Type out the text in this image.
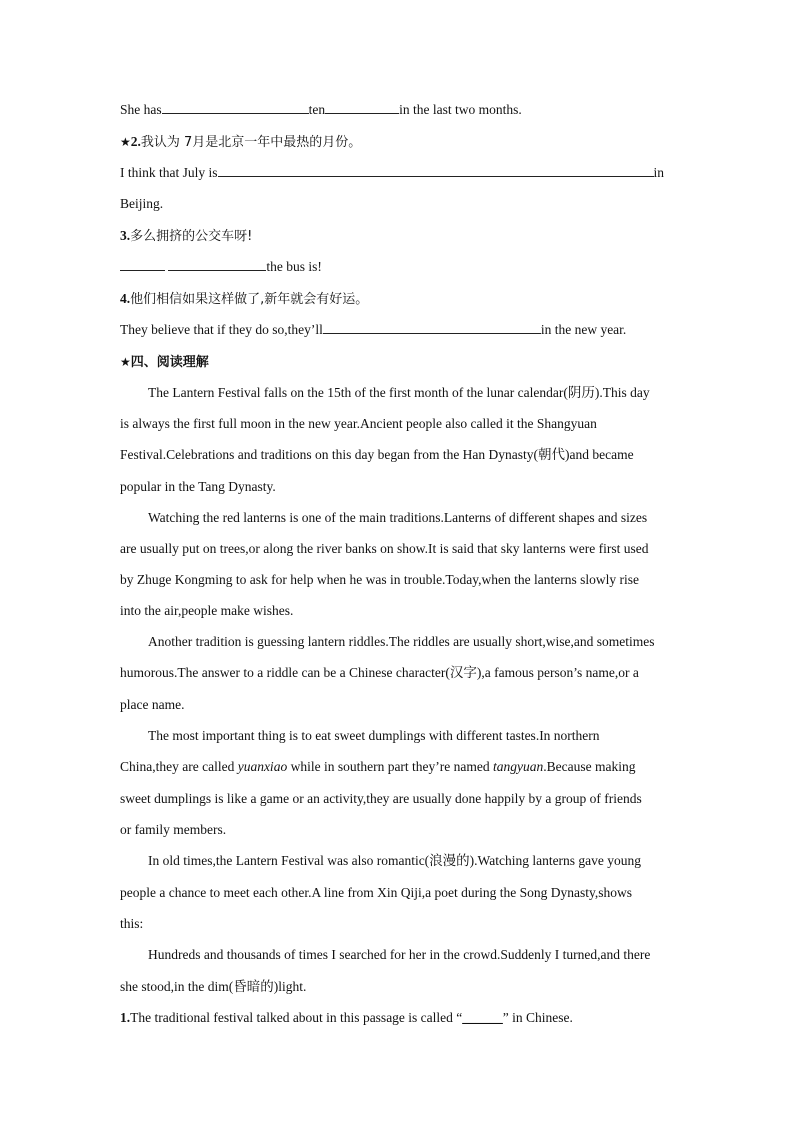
She has	ten	in the last two months.
★2.我认为 7月是北京一年中最热的月份。
I think that July is	in
Beijing.
3.多么拥挤的公交车呀!
the bus is!
4.他们相信如果这样做了,新年就会有好运。
They believe that if they do so,they’ll	in the new year.
★四、阅读理解
The Lantern Festival falls on the 15th of the first month of the lunar calendar(阴历).This day
is always the first full moon in the new year.Ancient people also called it the Shangyuan
Festival.Celebrations and traditions on this day began from the Han Dynasty(朝代)and became
popular in the Tang Dynasty.
Watching the red lanterns is one of the main traditions.Lanterns of different shapes and sizes
are usually put on trees,or along the river banks on show.It is said that sky lanterns were first used
by Zhuge Kongming to ask for help when he was in trouble.Today,when the lanterns slowly rise
into the air,people make wishes.
Another tradition is guessing lantern riddles.The riddles are usually short,wise,and sometimes
humorous.The answer to a riddle can be a Chinese character(汉字),a famous person’s name,or a
place name.
The most important thing is to eat sweet dumplings with different tastes.In northern
China,they are called yuanxiao while in southern part they’re named tangyuan.Because making
sweet dumplings is like a game or an activity,they are usually done happily by a group of friends
or family members.
In old times,the Lantern Festival was also romantic(浪漫的).Watching lanterns gave young
people a chance to meet each other.A line from Xin Qiji,a poet during the Song Dynasty,shows
this:
Hundreds and thousands of times I searched for her in the crowd.Suddenly I turned,and there
she stood,in the dim(昏暗的)light.
1.The traditional festival talked about in this passage is called “______” in Chinese.
